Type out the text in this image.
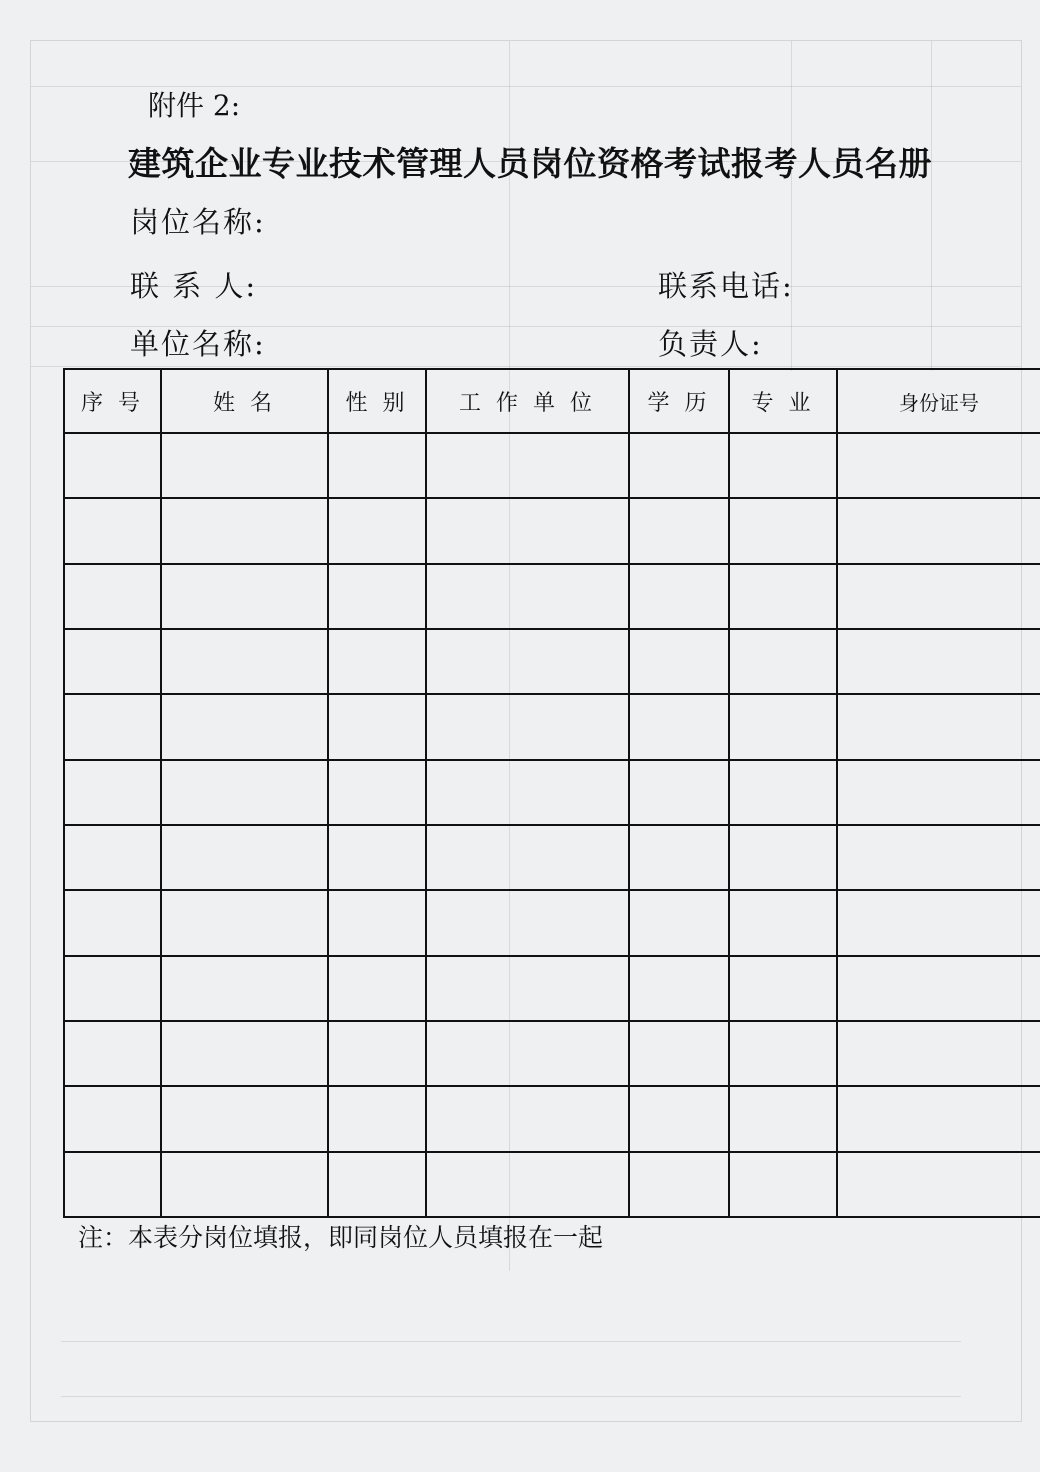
附件 2:
建筑企业专业技术管理人员岗位资格考试报考人员名册
岗位名称:
联 系 人:	联系电话:
单位名称:	负责人:
序 号	姓 名	性 别	工 作 单 位	学 历	专 业	身份证号

注：本表分岗位填报，即同岗位人员填报在一起
